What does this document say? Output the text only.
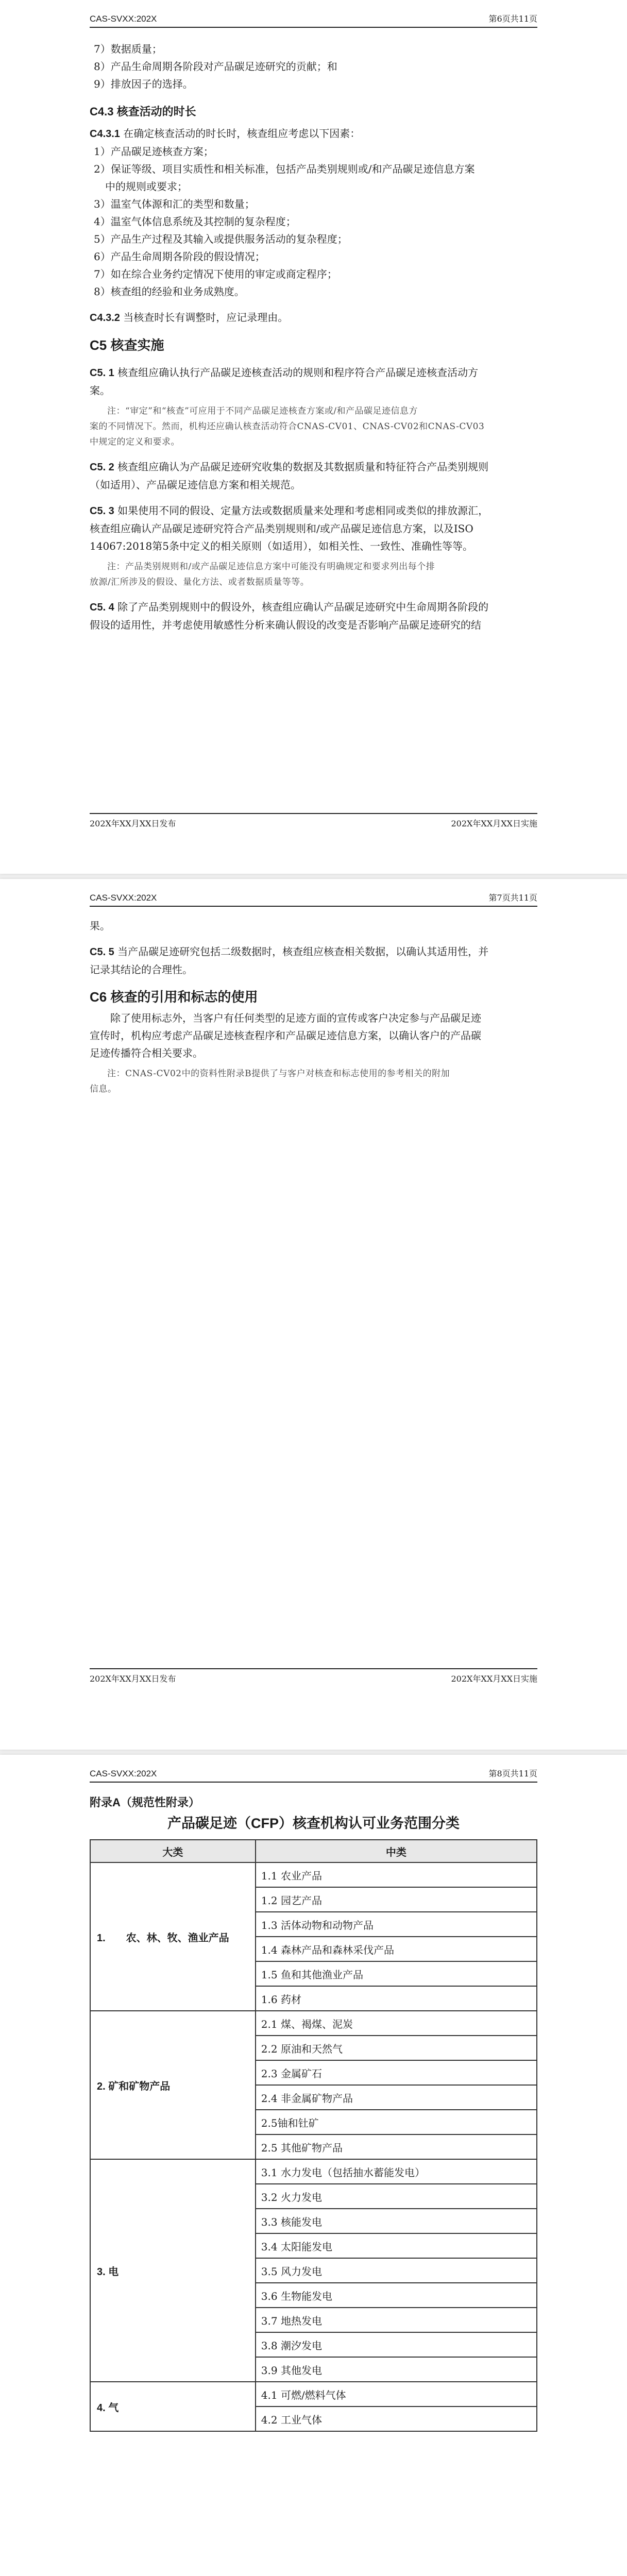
CAS-SVXX:202X	第6页共11页

7）数据质量；

8）产品生命周期各阶段对产品碳足迹研究的贡献；和

9）排放因子的选择。

C4.3 核查活动的时长

C4.3.1 在确定核查活动的时长时，核查组应考虑以下因素：

1）产品碳足迹核查方案；

2）保证等级、项目实质性和相关标准，包括产品类别规则或/和产品碳足迹信息方案

中的规则或要求；

3）温室气体源和汇的类型和数量；

4）温室气体信息系统及其控制的复杂程度；

5）产品生产过程及其输入或提供服务活动的复杂程度；

6）产品生命周期各阶段的假设情况；

7）如在综合业务约定情况下使用的审定或商定程序；

8）核查组的经验和业务成熟度。

C4.3.2 当核查时长有调整时，应记录理由。

C5 核查实施

C5. 1 核查组应确认执行产品碳足迹核查活动的规则和程序符合产品碳足迹核查活动方

案。

注：“审定”和“核查”可应用于不同产品碳足迹核查方案或/和产品碳足迹信息方

案的不同情况下。然而，机构还应确认核查活动符合CNAS-CV01、CNAS-CV02和CNAS-CV03

中规定的定义和要求。

C5. 2 核查组应确认为产品碳足迹研究收集的数据及其数据质量和特征符合产品类别规则

（如适用）、产品碳足迹信息方案和相关规范。

C5. 3 如果使用不同的假设、定量方法或数据质量来处理和考虑相同或类似的排放源汇，

核查组应确认产品碳足迹研究符合产品类别规则和/或产品碳足迹信息方案，以及ISO

14067:2018第5条中定义的相关原则（如适用），如相关性、一致性、准确性等等。

注：产品类别规则和/或产品碳足迹信息方案中可能没有明确规定和要求列出每个排

放源/汇所涉及的假设、量化方法、或者数据质量等等。

C5. 4 除了产品类别规则中的假设外，核查组应确认产品碳足迹研究中生命周期各阶段的

假设的适用性，并考虑使用敏感性分析来确认假设的改变是否影响产品碳足迹研究的结

202X年XX月XX日发布	202X年XX月XX日实施
CAS-SVXX:202X	第7页共11页

果。

C5. 5 当产品碳足迹研究包括二级数据时，核查组应核查相关数据，以确认其适用性，并

记录其结论的合理性。

C6 核查的引用和标志的使用

除了使用标志外，当客户有任何类型的足迹方面的宣传或客户决定参与产品碳足迹

宣传时，机构应考虑产品碳足迹核查程序和产品碳足迹信息方案，以确认客户的产品碳

足迹传播符合相关要求。

注：CNAS-CV02中的资料性附录B提供了与客户对核查和标志使用的参考相关的附加

信息。

202X年XX月XX日发布	202X年XX月XX日实施
CAS-SVXX:202X	第8页共11页
附录A（规范性附录）
产品碳足迹（CFP）核查机构认可业务范围分类
大类	中类
1.　　农、林、牧、渔业产品	1.1 农业产品
	1.2 园艺产品
	1.3 活体动物和动物产品
	1.4 森林产品和森林采伐产品
	1.5 鱼和其他渔业产品
	1.6 药材
2. 矿和矿物产品	2.1 煤、褐煤、泥炭
	2.2 原油和天然气
	2.3 金属矿石
	2.4 非金属矿物产品
	2.5铀和钍矿
	2.5 其他矿物产品
3. 电	3.1 水力发电（包括抽水蓄能发电）
	3.2 火力发电
	3.3 核能发电
	3.4 太阳能发电
	3.5 风力发电
	3.6 生物能发电
	3.7 地热发电
	3.8 潮汐发电
	3.9 其他发电
4. 气	4.1 可燃/燃料气体
	4.2 工业气体
